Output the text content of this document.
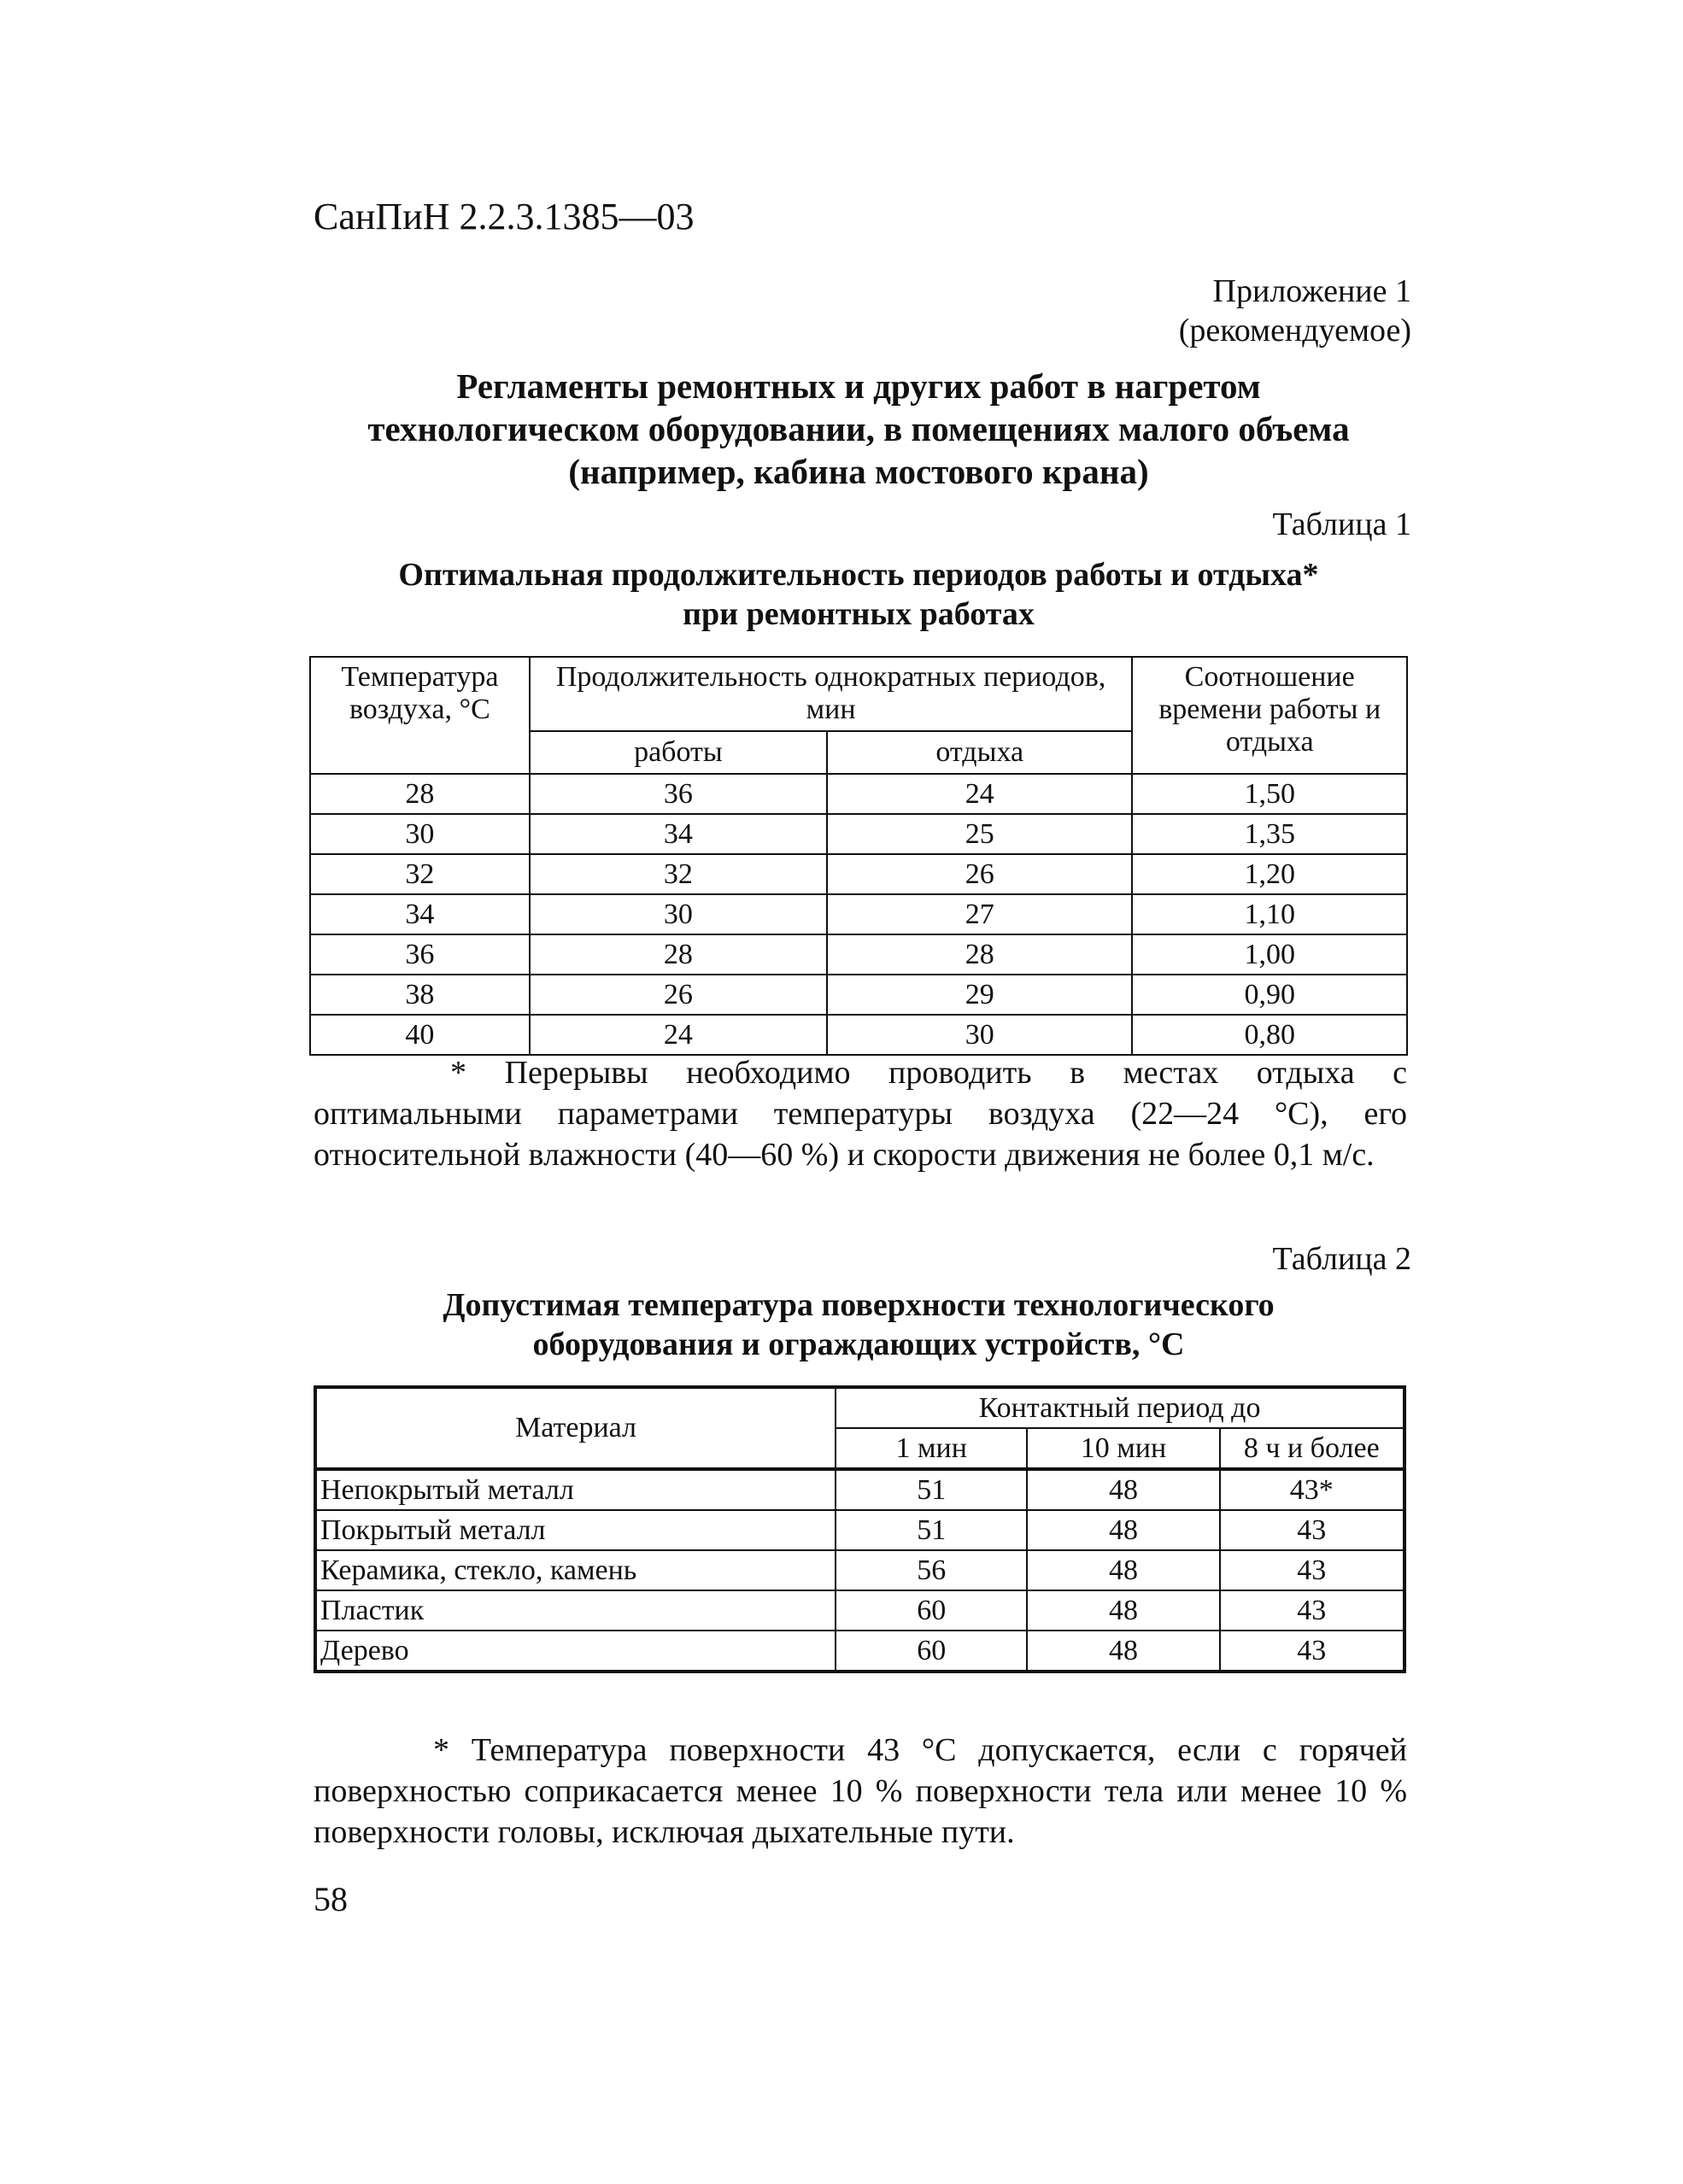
СанПиН 2.2.3.1385—03
Приложение 1
(рекомендуемое)
Регламенты ремонтных и других работ в нагретом
технологическом оборудовании, в помещениях малого объема
(например, кабина мостового крана)
Таблица 1
Оптимальная продолжительность периодов работы и отдыха*
при ремонтных работах
Температура воздуха, °С	Продолжительность однократных периодов, мин		Соотношение времени работы и отдыха
	работы	отдыха	
28	36	24	1,50
30	34	25	1,35
32	32	26	1,20
34	30	27	1,10
36	28	28	1,00
38	26	29	0,90
40	24	30	0,80
* Перерывы необходимо проводить в местах отдыха с оптимальными параметрами температуры воздуха (22—24 °С), его относительной влажности (40—60 %) и скорости движения не более 0,1 м/с.
Таблица 2
Допустимая температура поверхности технологического
оборудования и ограждающих устройств, °С
Материал	Контактный период до		
	1 мин	10 мин	8 ч и более
Непокрытый металл	51	48	43*
Покрытый металл	51	48	43
Керамика, стекло, камень	56	48	43
Пластик	60	48	43
Дерево	60	48	43
* Температура поверхности 43 °С допускается, если с горячей поверхностью соприкасается менее 10 % поверхности тела или менее 10 % поверхности головы, исключая дыхательные пути.
58
